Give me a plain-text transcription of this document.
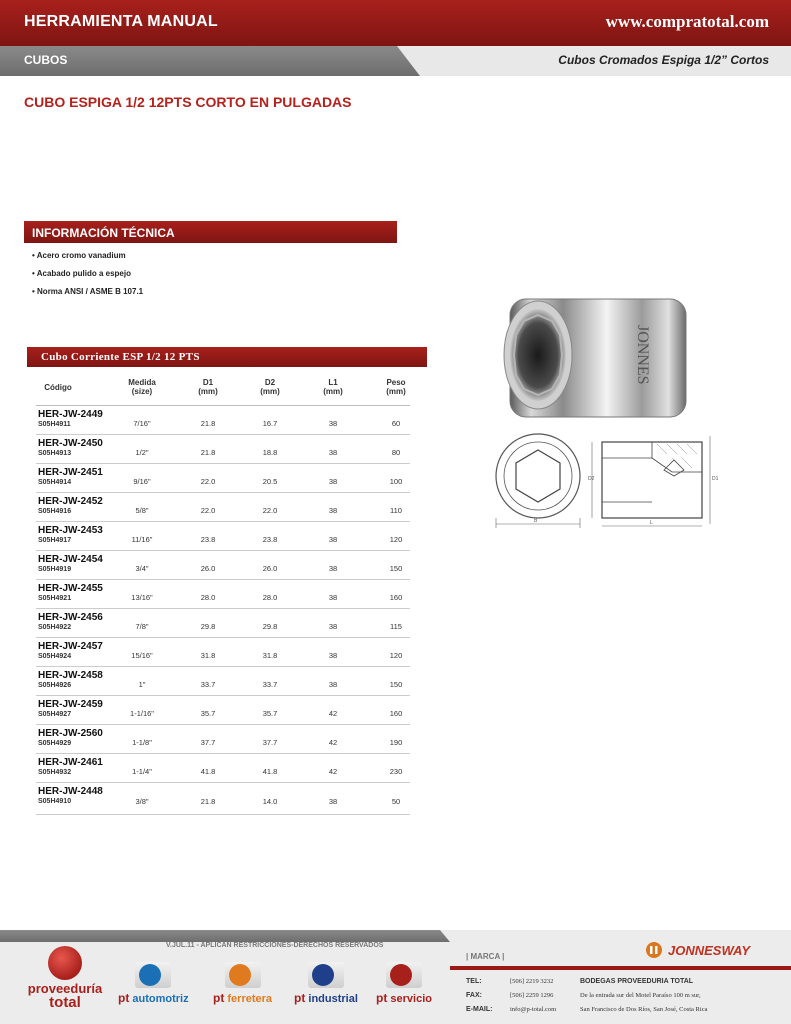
HERRAMIENTA MANUAL	www.compratotal.com
CUBOS	Cubos Cromados Espiga 1/2” Cortos
CUBO ESPIGA 1/2 12PTS CORTO EN PULGADAS
INFORMACIÓN TÉCNICA
• Acero cromo vanadium
• Acabado pulido a espejo
• Norma ANSI / ASME B 107.1
JONNES
B
D2	D1
L
Cubo Corriente ESP 1/2 12 PTS
Código
Medida
(size)
D1
(mm)
D2
(mm)
L1
(mm)
Peso
(mm)
HER-JW-2449
S05H4911	7/16"	21.8	16.7	38	60
HER-JW-2450
S05H4913	1/2"	21.8	18.8	38	80
HER-JW-2451
S05H4914	9/16"	22.0	20.5	38	100
HER-JW-2452
S05H4916	5/8"	22.0	22.0	38	110
HER-JW-2453
S05H4917	11/16"	23.8	23.8	38	120
HER-JW-2454
S05H4919	3/4"	26.0	26.0	38	150
HER-JW-2455
S05H4921	13/16"	28.0	28.0	38	160
HER-JW-2456
S05H4922	7/8"	29.8	29.8	38	115
HER-JW-2457
S05H4924	15/16"	31.8	31.8	38	120
HER-JW-2458
S05H4926	1"	33.7	33.7	38	150
HER-JW-2459
S05H4927	1-1/16"	35.7	35.7	42	160
HER-JW-2560
S05H4929	1-1/8"	37.7	37.7	42	190
HER-JW-2461
S05H4932	1-1/4"	41.8	41.8	42	230
HER-JW-2448
S05H4910	3/8"	21.8	14.0	38	50
V.JUL.11 - APLICAN RESTRICCIONES-DERECHOS RESERVADOS
| MARCA |	JONNESWAY
proveeduría
total	pt automotriz pt ferretera pt industrial pt servicio
TEL:	[506] 2219 3232	BODEGAS PROVEEDURIA TOTAL
FAX:	[506] 2259 1296	De la entrada sur del Motel Paraíso 100 m sur,
E-MAIL:	info@p-total.com	San Francisco de Dos Ríos, San José, Costa Rica
